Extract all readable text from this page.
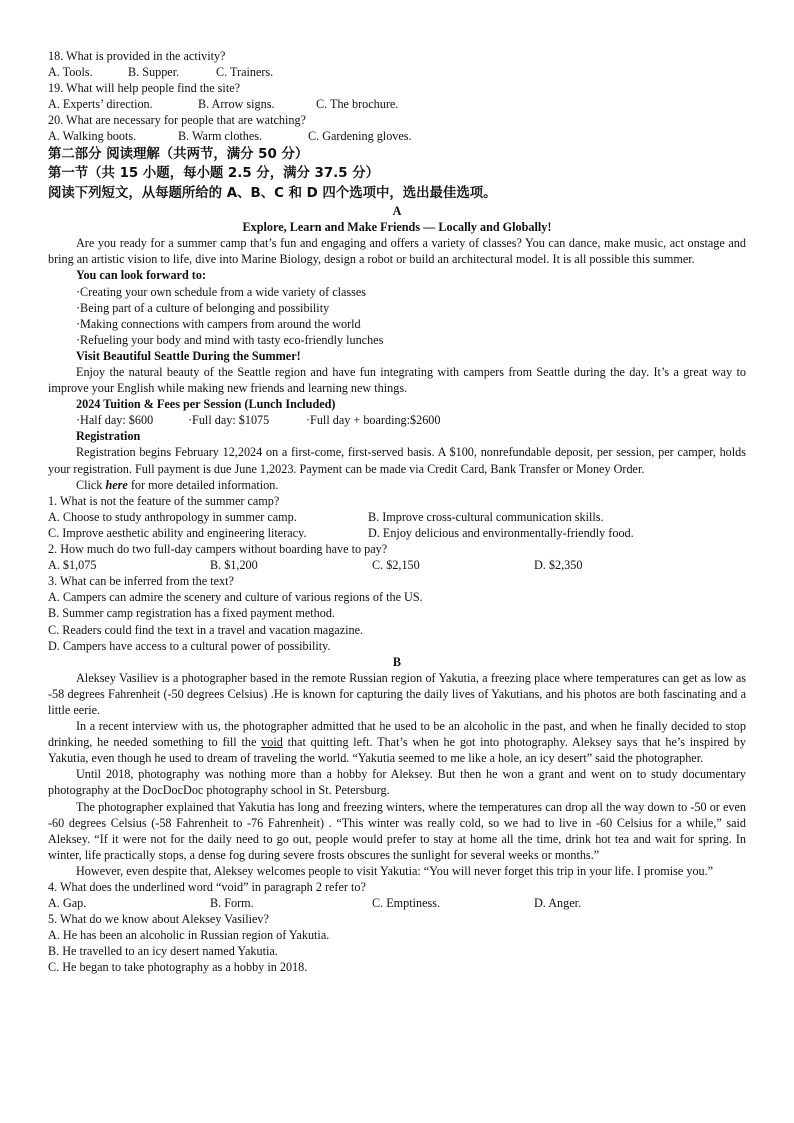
18. What is provided in the activity?
A. Tools.	B. Supper.	C. Trainers.
19. What will help people find the site?
A. Experts’ direction.	B. Arrow signs.	C. The brochure.
20. What are necessary for people that are watching?
A. Walking boots.	B. Warm clothes.	C. Gardening gloves.
第二部分 阅读理解（共两节，满分 50 分）
第一节（共 15 小题，每小题 2.5 分，满分 37.5 分）
阅读下列短文，从每题所给的 A、B、C 和 D 四个选项中，选出最佳选项。
A
Explore, Learn and Make Friends — Locally and Globally!
Are you ready for a summer camp that’s fun and engaging and offers a variety of classes? You can dance, make music, act onstage and bring an artistic vision to life, dive into Marine Biology, design a robot or build an architectural model. It is all possible this summer.
You can look forward to:
·Creating your own schedule from a wide variety of classes
·Being part of a culture of belonging and possibility
·Making connections with campers from around the world
·Refueling your body and mind with tasty eco-friendly lunches
Visit Beautiful Seattle During the Summer!
Enjoy the natural beauty of the Seattle region and have fun integrating with campers from Seattle during the day. It’s a great way to improve your English while making new friends and learning new things.
2024 Tuition & Fees per Session (Lunch Included)
·Half day: $600	·Full day: $1075	·Full day + boarding:$2600
Registration
Registration begins February 12,2024 on a first-come, first-served basis. A $100, nonrefundable deposit, per session, per camper, holds your registration. Full payment is due June 1,2023. Payment can be made via Credit Card, Bank Transfer or Money Order.
Click here for more detailed information.
1. What is not the feature of the summer camp?
A. Choose to study anthropology in summer camp.	B. Improve cross-cultural communication skills.
C. Improve aesthetic ability and engineering literacy.	D. Enjoy delicious and environmentally-friendly food.
2. How much do two full-day campers without boarding have to pay?
A. $1,075	B. $1,200	C. $2,150	D. $2,350
3. What can be inferred from the text?
A. Campers can admire the scenery and culture of various regions of the US.
B. Summer camp registration has a fixed payment method.
C. Readers could find the text in a travel and vacation magazine.
D. Campers have access to a cultural power of possibility.
B
Aleksey Vasiliev is a photographer based in the remote Russian region of Yakutia, a freezing place where temperatures can get as low as -58 degrees Fahrenheit (-50 degrees Celsius) .He is known for capturing the daily lives of Yakutians, and his photos are both fascinating and a little eerie.
In a recent interview with us, the photographer admitted that he used to be an alcoholic in the past, and when he finally decided to stop drinking, he needed something to fill the void that quitting left. That’s when he got into photography. Aleksey says that he’s inspired by Yakutia, even though he used to dream of traveling the world. “Yakutia seemed to me like a hole, an icy desert” said the photographer.
Until 2018, photography was nothing more than a hobby for Aleksey. But then he won a grant and went on to study documentary photography at the DocDocDoc photography school in St. Petersburg.
The photographer explained that Yakutia has long and freezing winters, where the temperatures can drop all the way down to -50 or even -60 degrees Celsius (-58 Fahrenheit to -76 Fahrenheit) . “This winter was really cold, so we had to live in -60 Celsius for a while,” said Aleksey. “If it were not for the daily need to go out, people would prefer to stay at home all the time, drink hot tea and wait for spring. In winter, life practically stops, a dense fog during severe frosts obscures the sunlight for several weeks or months.”
However, even despite that, Aleksey welcomes people to visit Yakutia: “You will never forget this trip in your life. I promise you.”
4. What does the underlined word “void” in paragraph 2 refer to?
A. Gap.	B. Form.	C. Emptiness.	D. Anger.
5. What do we know about Aleksey Vasiliev?
A. He has been an alcoholic in Russian region of Yakutia.
B. He travelled to an icy desert named Yakutia.
C. He began to take photography as a hobby in 2018.
